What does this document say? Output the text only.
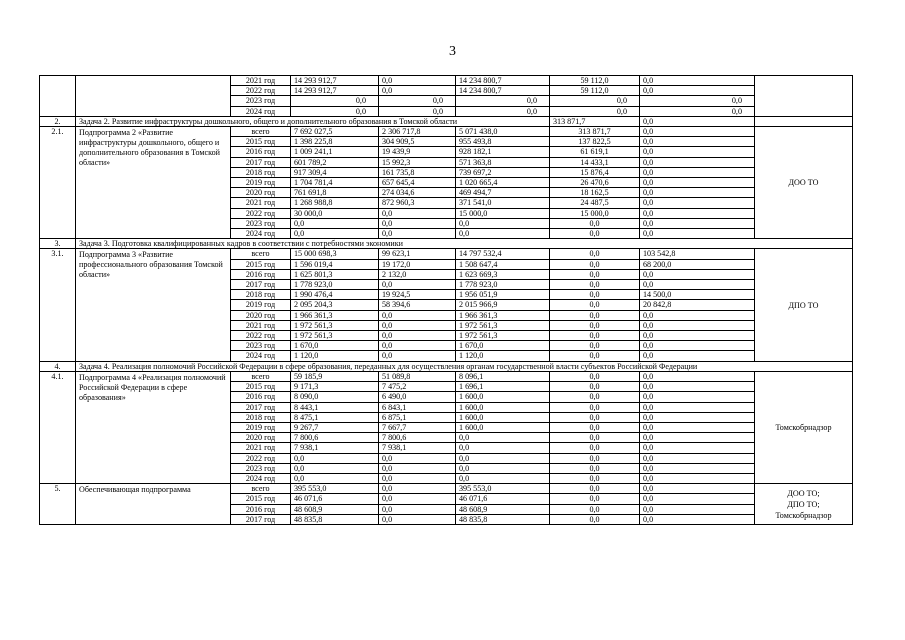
3
		2021 год	14 293 912,7	0,0	14 234 800,7	59 112,0	0,0	
		2022 год	14 293 912,7	0,0	14 234 800,7	59 112,0	0,0	
		2023 год	0,0	0,0	0,0	0,0	0,0	
		2024 год	0,0	0,0	0,0	0,0	0,0	
2.	Задача 2. Развитие инфраструктуры дошкольного, общего и дополнительного образования в Томской области					313 871,7	0,0	
2.1.	Подпрограмма 2 «Развитие инфраструктуры дошкольного, общего и дополнительного образования в Томской области»	всего	7 692 027,5	2 306 717,8	5 071 438,0	313 871,7	0,0	ДОО ТО
		2015 год	1 398 225,8	304 909,5	955 493,8	137 822,5	0,0	
		2016 год	1 009 241,1	19 439,9	928 182,1	61 619,1	0,0	
		2017 год	601 789,2	15 992,3	571 363,8	14 433,1	0,0	
		2018 год	917 309,4	161 735,8	739 697,2	15 876,4	0,0	
		2019 год	1 704 781,4	657 645,4	1 020 665,4	26 470,6	0,0	
		2020 год	761 691,8	274 034,6	469 494,7	18 162,5	0,0	
		2021 год	1 268 988,8	872 960,3	371 541,0	24 487,5	0,0	
		2022 год	30 000,0	0,0	15 000,0	15 000,0	0,0	
		2023 год	0,0	0,0	0,0	0,0	0,0	
		2024 год	0,0	0,0	0,0	0,0	0,0	
3.	Задача 3. Подготовка квалифицированных кадров в соответствии с потребностями экономики							
3.1.	Подпрограмма 3 «Развитие профессионального образования Томской области»	всего	15 000 698,3	99 623,1	14 797 532,4	0,0	103 542,8	ДПО ТО
		2015 год	1 596 019,4	19 172,0	1 508 647,4	0,0	68 200,0	
		2016 год	1 625 801,3	2 132,0	1 623 669,3	0,0	0,0	
		2017 год	1 778 923,0	0,0	1 778 923,0	0,0	0,0	
		2018 год	1 990 476,4	19 924,5	1 956 051,9	0,0	14 500,0	
		2019 год	2 095 204,3	58 394,6	2 015 966,9	0,0	20 842,8	
		2020 год	1 966 361,3	0,0	1 966 361,3	0,0	0,0	
		2021 год	1 972 561,3	0,0	1 972 561,3	0,0	0,0	
		2022 год	1 972 561,3	0,0	1 972 561,3	0,0	0,0	
		2023 год	1 670,0	0,0	1 670,0	0,0	0,0	
		2024 год	1 120,0	0,0	1 120,0	0,0	0,0	
4.	Задача 4. Реализация полномочий Российской Федерации в сфере образования, переданных для осуществления органам государственной власти субъектов Российской Федерации							
4.1.	Подпрограмма 4 «Реализация полномочий Российской Федерации в сфере образования»	всего	59 185,9	51 089,8	8 096,1	0,0	0,0	Томскобрнадзор
		2015 год	9 171,3	7 475,2	1 696,1	0,0	0,0	
		2016 год	8 090,0	6 490,0	1 600,0	0,0	0,0	
		2017 год	8 443,1	6 843,1	1 600,0	0,0	0,0	
		2018 год	8 475,1	6 875,1	1 600,0	0,0	0,0	
		2019 год	9 267,7	7 667,7	1 600,0	0,0	0,0	
		2020 год	7 800,6	7 800,6	0,0	0,0	0,0	
		2021 год	7 938,1	7 938,1	0,0	0,0	0,0	
		2022 год	0,0	0,0	0,0	0,0	0,0	
		2023 год	0,0	0,0	0,0	0,0	0,0	
		2024 год	0,0	0,0	0,0	0,0	0,0	
5.	Обеспечивающая подпрограмма	всего	395 553,0	0,0	395 553,0	0,0	0,0	ДОО ТО;
ДПО ТО;
Томскобрнадзор
		2015 год	46 071,6	0,0	46 071,6	0,0	0,0	
		2016 год	48 608,9	0,0	48 608,9	0,0	0,0	
		2017 год	48 835,8	0,0	48 835,8	0,0	0,0	
